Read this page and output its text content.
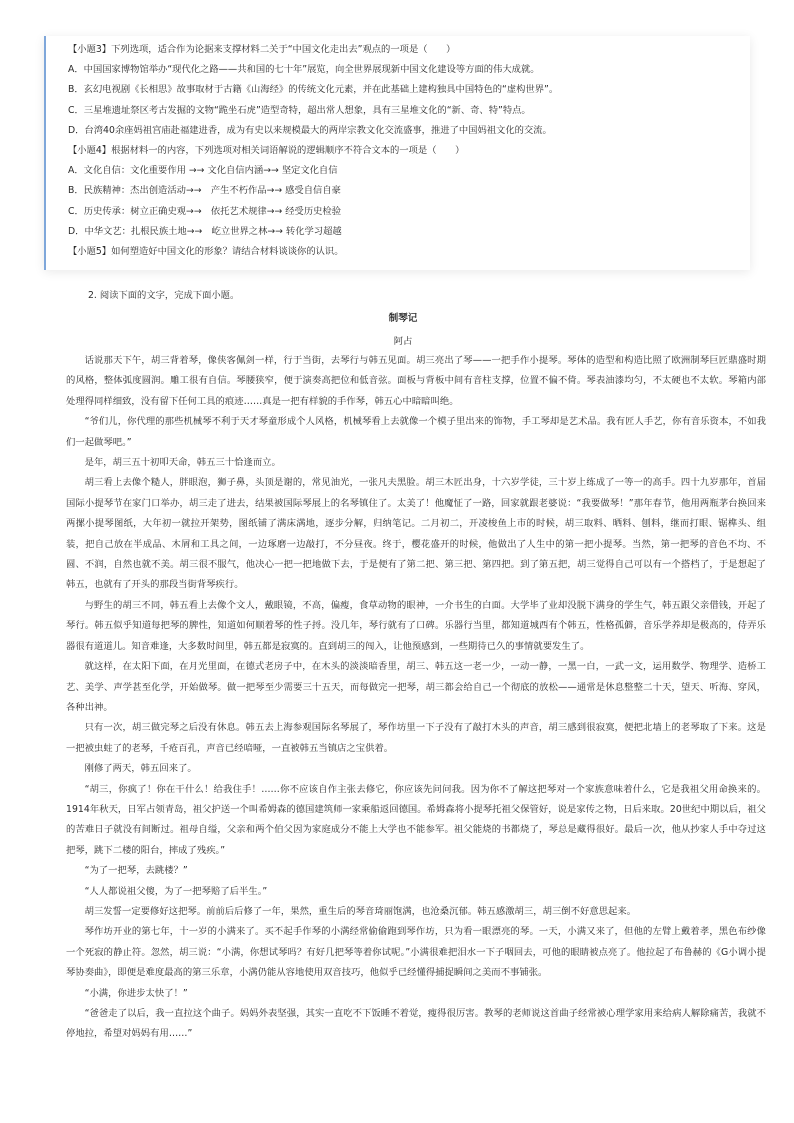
【小题3】下列选项，适合作为论据来支撑材料二关于“中国文化走出去”观点的一项是（　　）

A．中国国家博物馆举办“现代化之路——共和国的七十年”展览，向全世界展现新中国文化建设等方面的伟大成就。

B．玄幻电视剧《长相思》故事取材于古籍《山海经》的传统文化元素，并在此基础上建构独具中国特色的“虚构世界”。

C．三星堆遗址祭区考古发掘的文物“跪坐石虎”造型奇特，超出常人想象，具有三星堆文化的“新、奇、特”特点。

D．台湾40余座妈祖宫庙赴福建进香，成为有史以来规模最大的两岸宗教文化交流盛事，推进了中国妈祖文化的交流。

【小题4】根据材料一的内容，下列选项对相关词语解说的逻辑顺序不符合文本的一项是（　　）

A．文化自信：文化重要作用 →→ 文化自信内涵→→ 坚定文化自信

B．民族精神：杰出创造活动→→　产生不朽作品→→ 感受自信自豪

C．历史传承：树立正确史观→→　依托艺术规律→→ 经受历史检验

D．中华文艺：扎根民族土地→→　屹立世界之林→→ 转化学习超越

【小题5】如何塑造好中国文化的形象？请结合材料谈谈你的认识。

2. 阅读下面的文字，完成下面小题。

制琴记

阿占

话说那天下午，胡三背着琴，像侠客佩剑一样，行于当街，去琴行与韩五见面。胡三亮出了琴——一把手作小提琴。琴体的造型和构造比照了欧洲制琴巨匠鼎盛时期的风格，整体弧度圆润。雕工很有自信。琴腰狭窄，便于演奏高把位和低音弦。面板与背板中间有音柱支撑，位置不偏不倚。琴表油漆均匀，不太硬也不太软。琴箱内部处理得同样细致，没有留下任何工具的痕迹……真是一把有样貌的手作琴，韩五心中暗暗叫绝。

“爷们儿，你代理的那些机械琴不利于天才琴童形成个人风格，机械琴看上去就像一个模子里出来的饰物，手工琴却是艺术品。我有匠人手艺，你有音乐资本，不如我们一起做琴吧。”

是年，胡三五十初叩天命，韩五三十恰逢而立。

胡三看上去像个糙人，胖眼泡，狮子鼻，头顶是谢的，常见油光，一张凡夫黑脸。胡三木匠出身，十六岁学徒，三十岁上练成了一等一的高手。四十九岁那年，首届国际小提琴节在家门口举办，胡三走了进去，结果被国际琴展上的名琴镇住了。太美了！他魔怔了一路，回家就跟老婆说：“我要做琴！”那年春节，他用两瓶茅台换回来两摞小提琴图纸，大年初一就拉开架势，图纸铺了满床满地，逐步分解，归纳笔记。二月初二，开凌梭鱼上市的时候，胡三取料、晒料、刨料，继而打眼、锯榫头、组装，把自己放在半成品、木屑和工具之间，一边琢磨一边敲打，不分昼夜。终于，樱花盛开的时候，他做出了人生中的第一把小提琴。当然，第一把琴的音色不均、不圆、不润，自然也就不美。胡三很不服气，他决心一把一把地做下去，于是便有了第二把、第三把、第四把。到了第五把，胡三觉得自己可以有一个搭档了，于是想起了韩五，也就有了开头的那段当街背琴疾行。

与野生的胡三不同，韩五看上去像个文人，戴眼镜，不高，偏瘦，食草动物的眼神，一介书生的白面。大学毕了业却没脱下满身的学生气，韩五跟父亲借钱，开起了琴行。韩五似乎知道每把琴的脾性，知道如何顺着琴的性子捋。没几年，琴行就有了口碑。乐器行当里，都知道城西有个韩五，性格孤僻，音乐学养却是极高的，侍弄乐器很有道道儿。知音难逢，大多数时间里，韩五都是寂寞的。直到胡三的闯入，让他预感到，一些期待已久的事情就要发生了。

就这样，在太阳下面，在月光里面，在德式老房子中，在木头的淡淡暗香里，胡三、韩五这一老一少，一动一静，一黑一白，一武一文，运用数学、物理学、造桥工艺、美学、声学甚至化学，开始做琴。做一把琴至少需要三十五天，而每做完一把琴，胡三都会给自己一个彻底的放松——通常是休息整整二十天，望天、听海、穿风，各种出神。

只有一次，胡三做完琴之后没有休息。韩五去上海参观国际名琴展了，琴作坊里一下子没有了敲打木头的声音，胡三感到很寂寞，便把北墙上的老琴取了下来。这是一把被虫蛀了的老琴，千疮百孔，声音已经喑哑，一直被韩五当镇店之宝供着。

刚修了两天，韩五回来了。

“胡三，你疯了！你在干什么！给我住手！……你不应该自作主张去修它，你应该先问问我。因为你不了解这把琴对一个家族意味着什么，它是我祖父用命换来的。1914年秋天，日军占领青岛，祖父护送一个叫希姆森的德国建筑师一家乘船返回德国。希姆森将小提琴托祖父保管好，说是家传之物，日后来取。20世纪中期以后，祖父的苦难日子就没有间断过。祖母自缢，父亲和两个伯父因为家庭成分不能上大学也不能参军。祖父能烧的书都烧了，琴总是藏得很好。最后一次，他从抄家人手中夺过这把琴，跳下二楼的阳台，摔成了残疾。”

“为了一把琴，去跳楼？”

“人人都说祖父傻，为了一把琴赔了后半生。”

胡三发誓一定要修好这把琴。前前后后修了一年，果然，重生后的琴音琦丽饱满，也沧桑沉郁。韩五感激胡三，胡三倒不好意思起来。

琴作坊开业的第七年，十一岁的小满来了。买不起手作琴的小满经常偷偷跑到琴作坊，只为看一眼漂亮的琴。一天，小满又来了，但他的左臂上戴着孝，黑色布纱像一个死寂的静止符。忽然，胡三说：“小满，你想试琴吗？有好几把琴等着你试呢。”小满很难把泪水一下子咽回去，可他的眼睛被点亮了。他拉起了布鲁赫的《G小调小提琴协奏曲》，即便是难度最高的第三乐章，小满仍能从容地使用双音技巧，他似乎已经懂得捕捉瞬间之美而不事铺张。

“小满，你进步太快了！”

“爸爸走了以后，我一直拉这个曲子。妈妈外表坚强，其实一直吃不下饭睡不着觉，瘦得很厉害。教琴的老师说这首曲子经常被心理学家用来给病人解除痛苦，我就不停地拉，希望对妈妈有用……”
